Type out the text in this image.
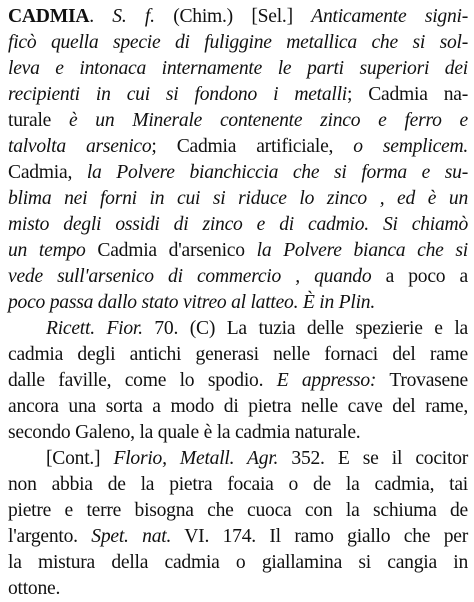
CADMIA. S. f. (Chim.) [Sel.] Anticamente signi-
ficò quella specie di fuliggine metallica che si sol-
leva e intonaca internamente le parti superiori dei
recipienti in cui si fondono i metalli; Cadmia na-
turale è un Minerale contenente zinco e ferro e
talvolta arsenico; Cadmia artificiale, o semplicem.
Cadmia, la Polvere bianchiccia che si forma e su-
blima nei forni in cui si riduce lo zinco , ed è un
misto degli ossidi di zinco e di cadmio. Si chiamò
un tempo Cadmia d'arsenico la Polvere bianca che si
vede sull'arsenico di commercio , quando a poco a
poco passa dallo stato vitreo al latteo. È in Plin.
Ricett. Fior. 70. (C) La tuzia delle spezierie e la
cadmia degli antichi generasi nelle fornaci del rame
dalle faville, come lo spodio. E appresso: Trovasene
ancora una sorta a modo di pietra nelle cave del rame,
secondo Galeno, la quale è la cadmia naturale.
[Cont.] Florio, Metall. Agr. 352. E se il cocitor
non abbia de la pietra focaia o de la cadmia, tai
pietre e terre bisogna che cuoca con la schiuma de
l'argento. Spet. nat. VI. 174. Il ramo giallo che per
la mistura della cadmia o giallamina si cangia in
ottone.
